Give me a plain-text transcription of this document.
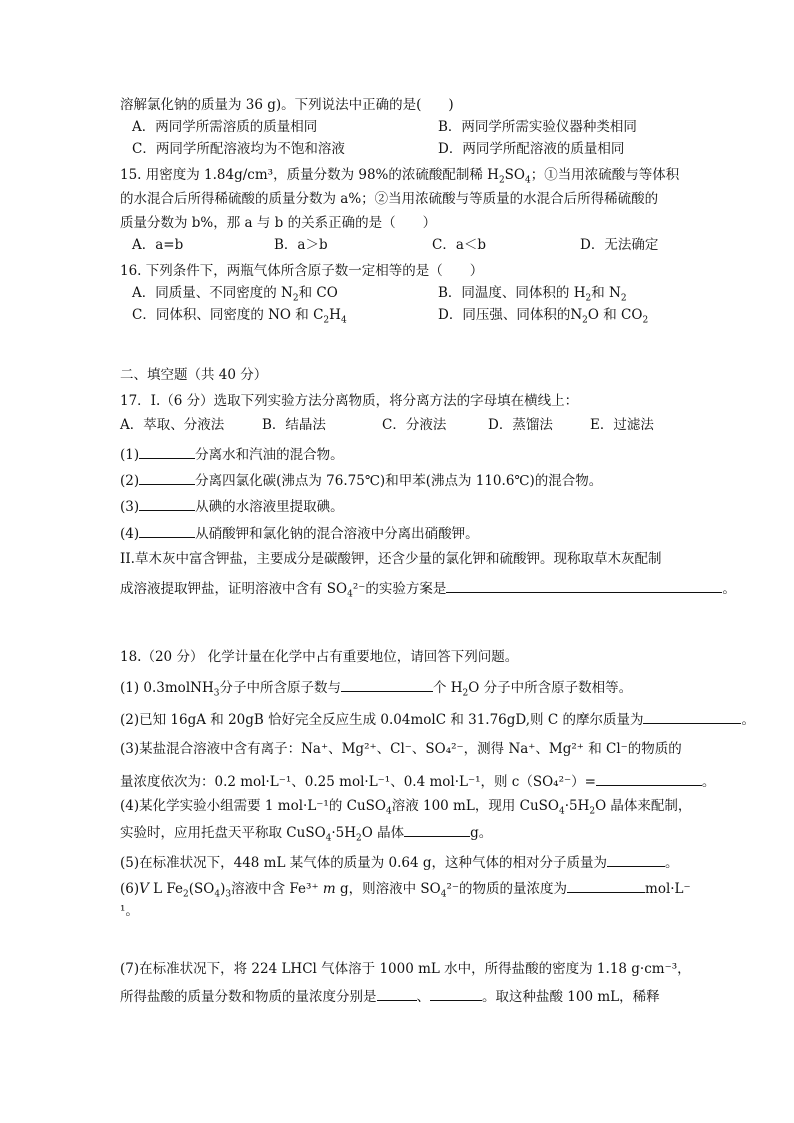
溶解氯化钠的质量为 36 g)。下列说法中正确的是(　　)
A．两同学所需溶质的质量相同	B．两同学所需实验仪器种类相同
C．两同学所配溶液均为不饱和溶液	D．两同学所配溶液的质量相同
15. 用密度为 1.84g/cm³，质量分数为 98%的浓硫酸配制稀 $H_2SO_4$；①当用浓硫酸与等体积
的水混合后所得稀硫酸的质量分数为 a%；②当用浓硫酸与等质量的水混合后所得稀硫酸的
质量分数为 b%，那 a 与 b 的关系正确的是（　　）
A．a=b	B．a＞b	C．a＜b	D．无法确定
16. 下列条件下，两瓶气体所含原子数一定相等的是（　　）
A．同质量、不同密度的 $N_2$和 CO	B．同温度、同体积的 $H_2$和 $N_2$
C．同体积、同密度的 NO 和 $C_2H_4$	D．同压强、同体积的$N_2O$ 和 $CO_2$
二、填空题（共 40 分）
17．I.（6 分）选取下列实验方法分离物质，将分离方法的字母填在横线上：
A．萃取、分液法	B．结晶法	C．分液法	D．蒸馏法	E．过滤法
(1)	分离水和汽油的混合物。
(2)	分离四氯化碳(沸点为 76.75℃)和甲苯(沸点为 110.6℃)的混合物。
(3)	从碘的水溶液里提取碘。
(4)	从硝酸钾和氯化钠的混合溶液中分离出硝酸钾。
II.草木灰中富含钾盐，主要成分是碳酸钾，还含少量的氯化钾和硫酸钾。现称取草木灰配制
成溶液提取钾盐，证明溶液中含有 $SO_4^{2-}$的实验方案是	。
18.（20 分） 化学计量在化学中占有重要地位，请回答下列问题。
(1) 0.3molNH$_3$分子中所含原子数与	个 $H_2O$ 分子中所含原子数相等。
(2)已知 16gA 和 20gB 恰好完全反应生成 0.04molC 和 31.76gD,则 C 的摩尔质量为	。
(3)某盐混合溶液中含有离子：Na⁺、Mg²⁺、Cl⁻、SO₄²⁻，测得 Na⁺、Mg²⁺ 和 Cl⁻的物质的
量浓度依次为：0.2 mol·L⁻¹、0.25 mol·L⁻¹、0.4 mol·L⁻¹，则 c（SO₄²⁻）=	。
(4)某化学实验小组需要 1 mol·L⁻¹的 CuSO$_4$溶液 100 mL，现用 $CuSO_4\cdot 5H_2O$ 晶体来配制，
实验时，应用托盘天平称取 $CuSO_4\cdot 5H_2O$ 晶体	g。
(5)在标准状况下，448 mL 某气体的质量为 0.64 g，这种气体的相对分子质量为	。
(6)V L $Fe_2(SO_4)_3$溶液中含 Fe³⁺ m g，则溶液中 $SO_4^{2-}$的物质的量浓度为	mol·L⁻
¹。
(7)在标准状况下，将 224 LHCl 气体溶于 1000 mL 水中，所得盐酸的密度为 1.18 g·cm⁻³，
所得盐酸的质量分数和物质的量浓度分别是	、	。取这种盐酸 100 mL，稀释
